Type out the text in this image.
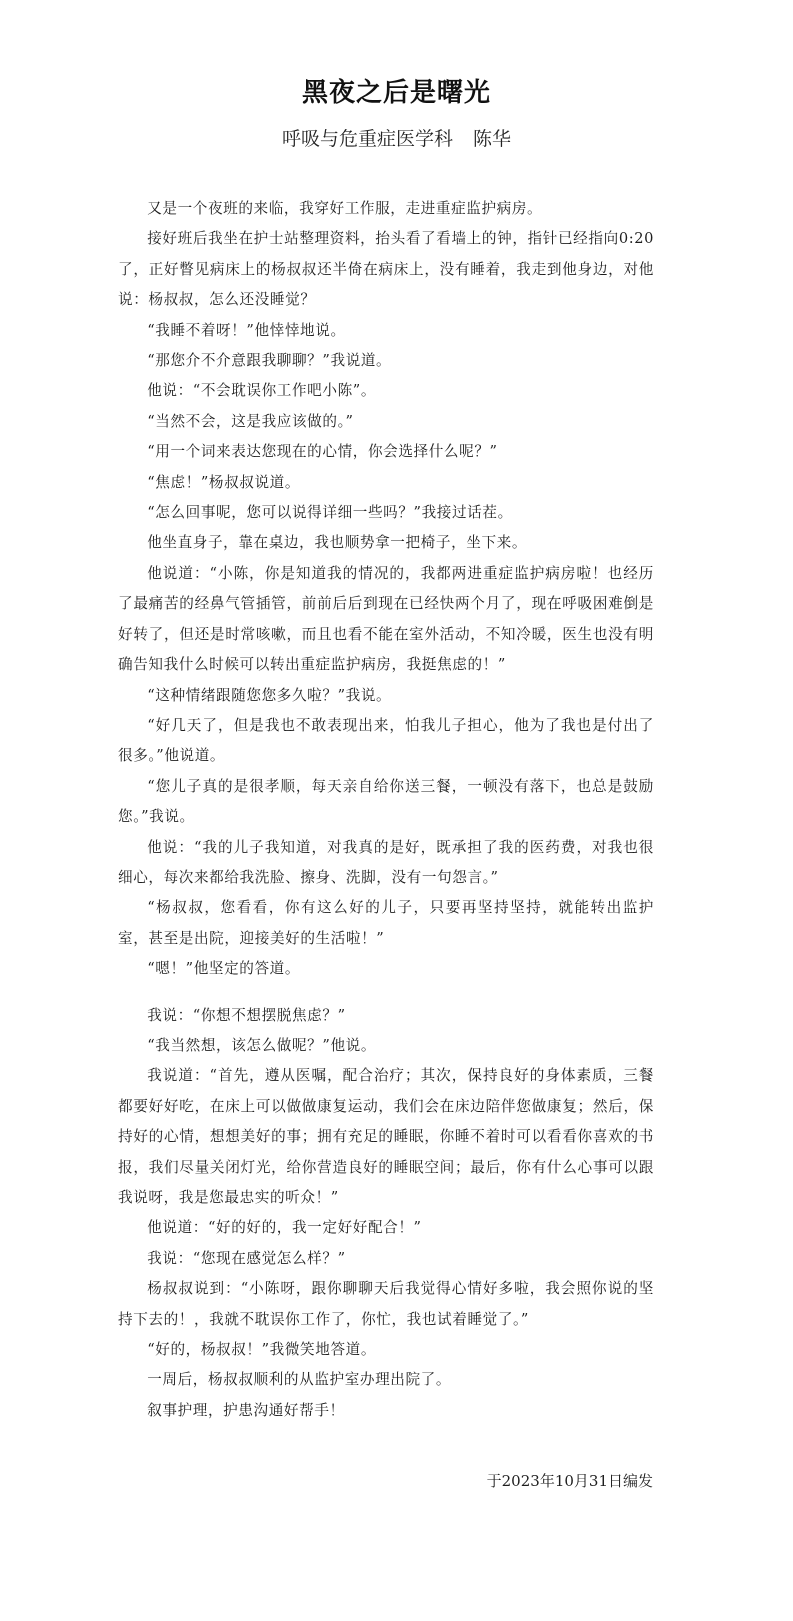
黑夜之后是曙光
呼吸与危重症医学科 陈华

又是一个夜班的来临，我穿好工作服，走进重症监护病房。

接好班后我坐在护士站整理资料，抬头看了看墙上的钟，指针已经指向0:20了，正好瞥见病床上的杨叔叔还半倚在病床上，没有睡着，我走到他身边，对他说：杨叔叔，怎么还没睡觉？

“我睡不着呀！”他悻悻地说。

“那您介不介意跟我聊聊？”我说道。

他说：“不会耽误你工作吧小陈”。

“当然不会，这是我应该做的。”

“用一个词来表达您现在的心情，你会选择什么呢？”

“焦虑！”杨叔叔说道。

“怎么回事呢，您可以说得详细一些吗？”我接过话茬。

他坐直身子，靠在桌边，我也顺势拿一把椅子，坐下来。

他说道：“小陈，你是知道我的情况的，我都两进重症监护病房啦！也经历了最痛苦的经鼻气管插管，前前后后到现在已经快两个月了，现在呼吸困难倒是好转了，但还是时常咳嗽，而且也看不能在室外活动，不知冷暖，医生也没有明确告知我什么时候可以转出重症监护病房，我挺焦虑的！”

“这种情绪跟随您您多久啦？”我说。

“好几天了，但是我也不敢表现出来，怕我儿子担心，他为了我也是付出了很多。”他说道。

“您儿子真的是很孝顺，每天亲自给你送三餐，一顿没有落下，也总是鼓励您。”我说。

他说：“我的儿子我知道，对我真的是好，既承担了我的医药费，对我也很细心，每次来都给我洗脸、擦身、洗脚，没有一句怨言。”

“杨叔叔，您看看，你有这么好的儿子，只要再坚持坚持，就能转出监护室，甚至是出院，迎接美好的生活啦！”

“嗯！”他坚定的答道。

我说：“你想不想摆脱焦虑？”

“我当然想，该怎么做呢？”他说。

我说道：“首先，遵从医嘱，配合治疗；其次，保持良好的身体素质，三餐都要好好吃，在床上可以做做康复运动，我们会在床边陪伴您做康复；然后，保持好的心情，想想美好的事；拥有充足的睡眠，你睡不着时可以看看你喜欢的书报，我们尽量关闭灯光，给你营造良好的睡眠空间；最后，你有什么心事可以跟我说呀，我是您最忠实的听众！”

他说道：“好的好的，我一定好好配合！”

我说：“您现在感觉怎么样？”

杨叔叔说到：“小陈呀，跟你聊聊天后我觉得心情好多啦，我会照你说的坚持下去的！，我就不耽误你工作了，你忙，我也试着睡觉了。”

“好的，杨叔叔！”我微笑地答道。

一周后，杨叔叔顺利的从监护室办理出院了。

叙事护理，护患沟通好帮手！

于2023年10月31日编发
